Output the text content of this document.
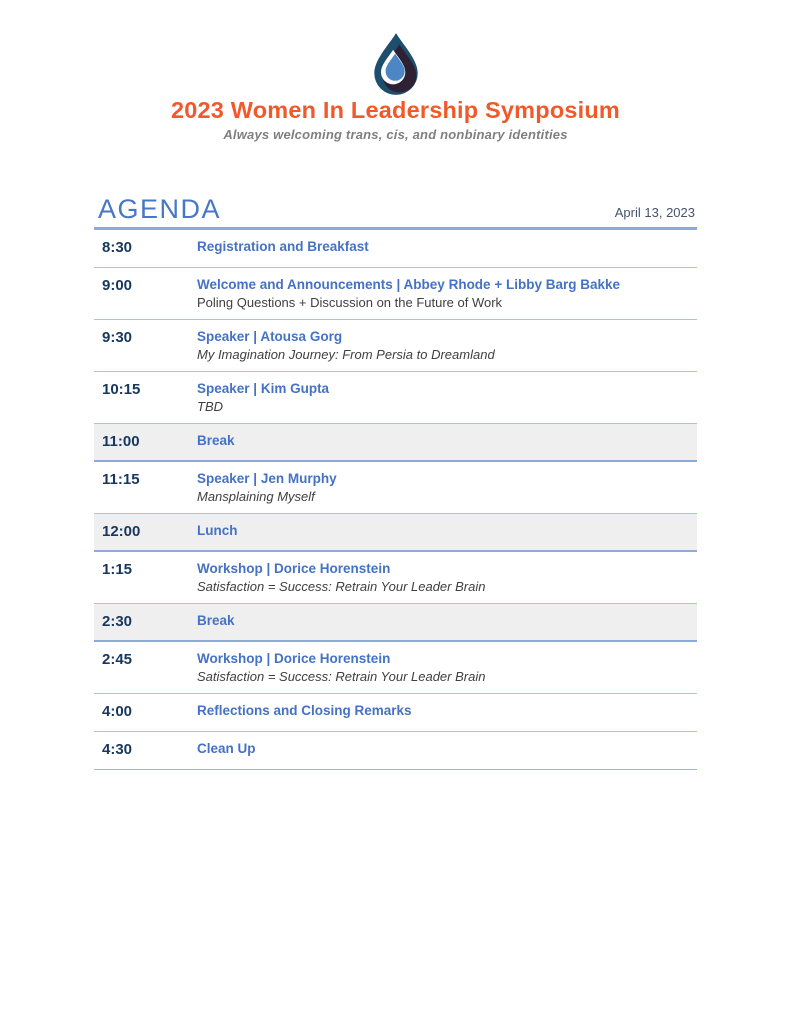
2023 Women In Leadership Symposium
Always welcoming trans, cis, and nonbinary identities
AGENDA	April 13, 2023
8:30	Registration and Breakfast
9:00	Welcome and Announcements | Abbey Rhode + Libby Barg Bakke
Poling Questions + Discussion on the Future of Work
9:30	Speaker | Atousa Gorg
My Imagination Journey: From Persia to Dreamland
10:15	Speaker | Kim Gupta
TBD
11:00	Break
11:15	Speaker | Jen Murphy
Mansplaining Myself
12:00	Lunch
1:15	Workshop | Dorice Horenstein
Satisfaction = Success: Retrain Your Leader Brain
2:30	Break
2:45	Workshop | Dorice Horenstein
Satisfaction = Success: Retrain Your Leader Brain
4:00	Reflections and Closing Remarks
4:30	Clean Up
